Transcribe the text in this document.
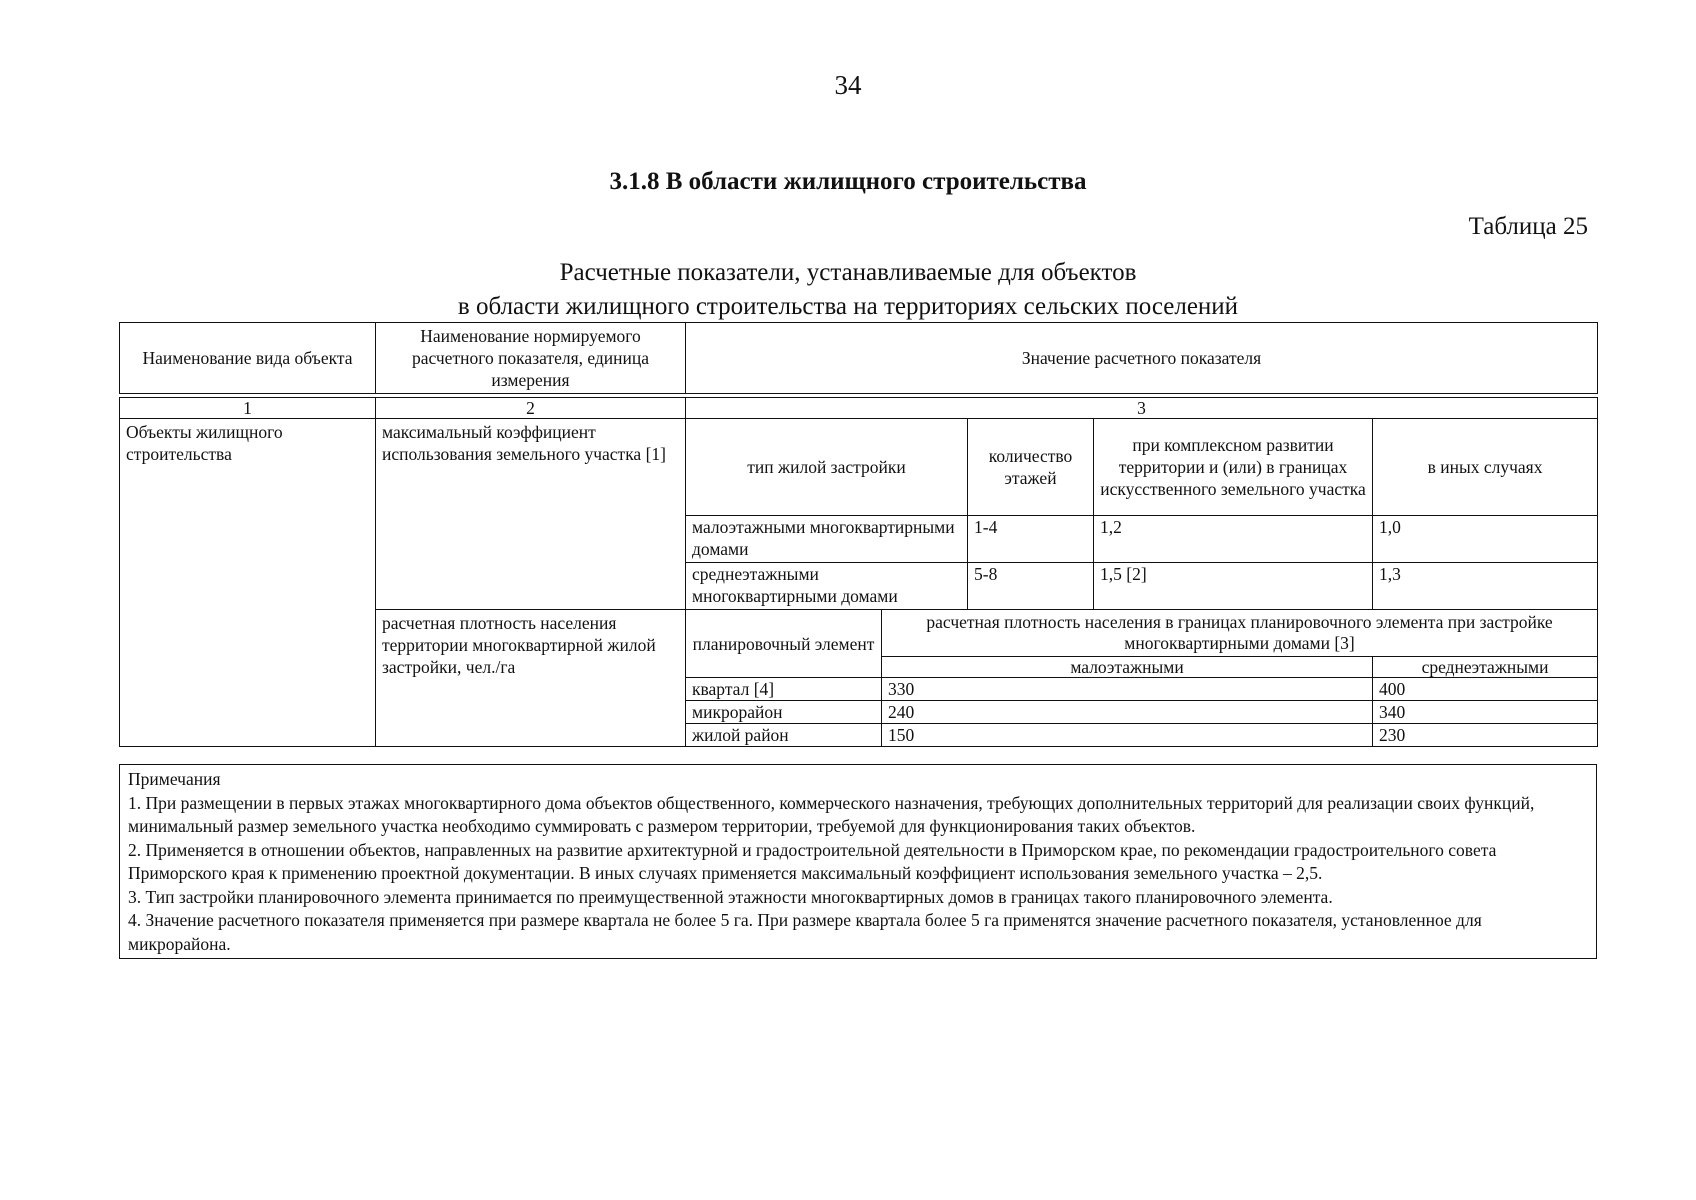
34
3.1.8 В области жилищного строительства
Таблица 25
Расчетные показатели, устанавливаемые для объектов
в области жилищного строительства на территориях сельских поселений
Наименование вида объекта	Наименование нормируемого расчетного показателя, единица измерения	Значение расчетного показателя				

1	2	3				
Объекты жилищного строительства	максимальный коэффициент использования земельного участка [1]	тип жилой застройки		количество этажей	при комплексном развитии территории и (или) в границах искусственного земельного участка	в иных случаях
		малоэтажными многоквартирными домами		1-4	1,2	1,0
		среднеэтажными многоквартирными домами		5-8	1,5 [2]	1,3
	расчетная плотность населения территории многоквартирной жилой застройки, чел./га	планировочный элемент	расчетная плотность населения в границах планировочного элемента при застройке многоквартирными домами [3]			
			малоэтажными			среднеэтажными
		квартал [4]	330			400
		микрорайон	240			340
		жилой район	150			230

Примечания

1. При размещении в первых этажах многоквартирного дома объектов общественного, коммерческого назначения, требующих дополнительных территорий для реализации своих функций, минимальный размер земельного участка необходимо суммировать с размером территории, требуемой для функционирования таких объектов.

2. Применяется в отношении объектов, направленных на развитие архитектурной и градостроительной деятельности в Приморском крае, по рекомендации градостроительного совета Приморского края к применению проектной документации. В иных случаях применяется максимальный коэффициент использования земельного участка – 2,5.

3. Тип застройки планировочного элемента принимается по преимущественной этажности многоквартирных домов в границах такого планировочного элемента.

4. Значение расчетного показателя применяется при размере квартала не более 5 га. При размере квартала более 5 га применятся значение расчетного показателя, установленное для микрорайона.
